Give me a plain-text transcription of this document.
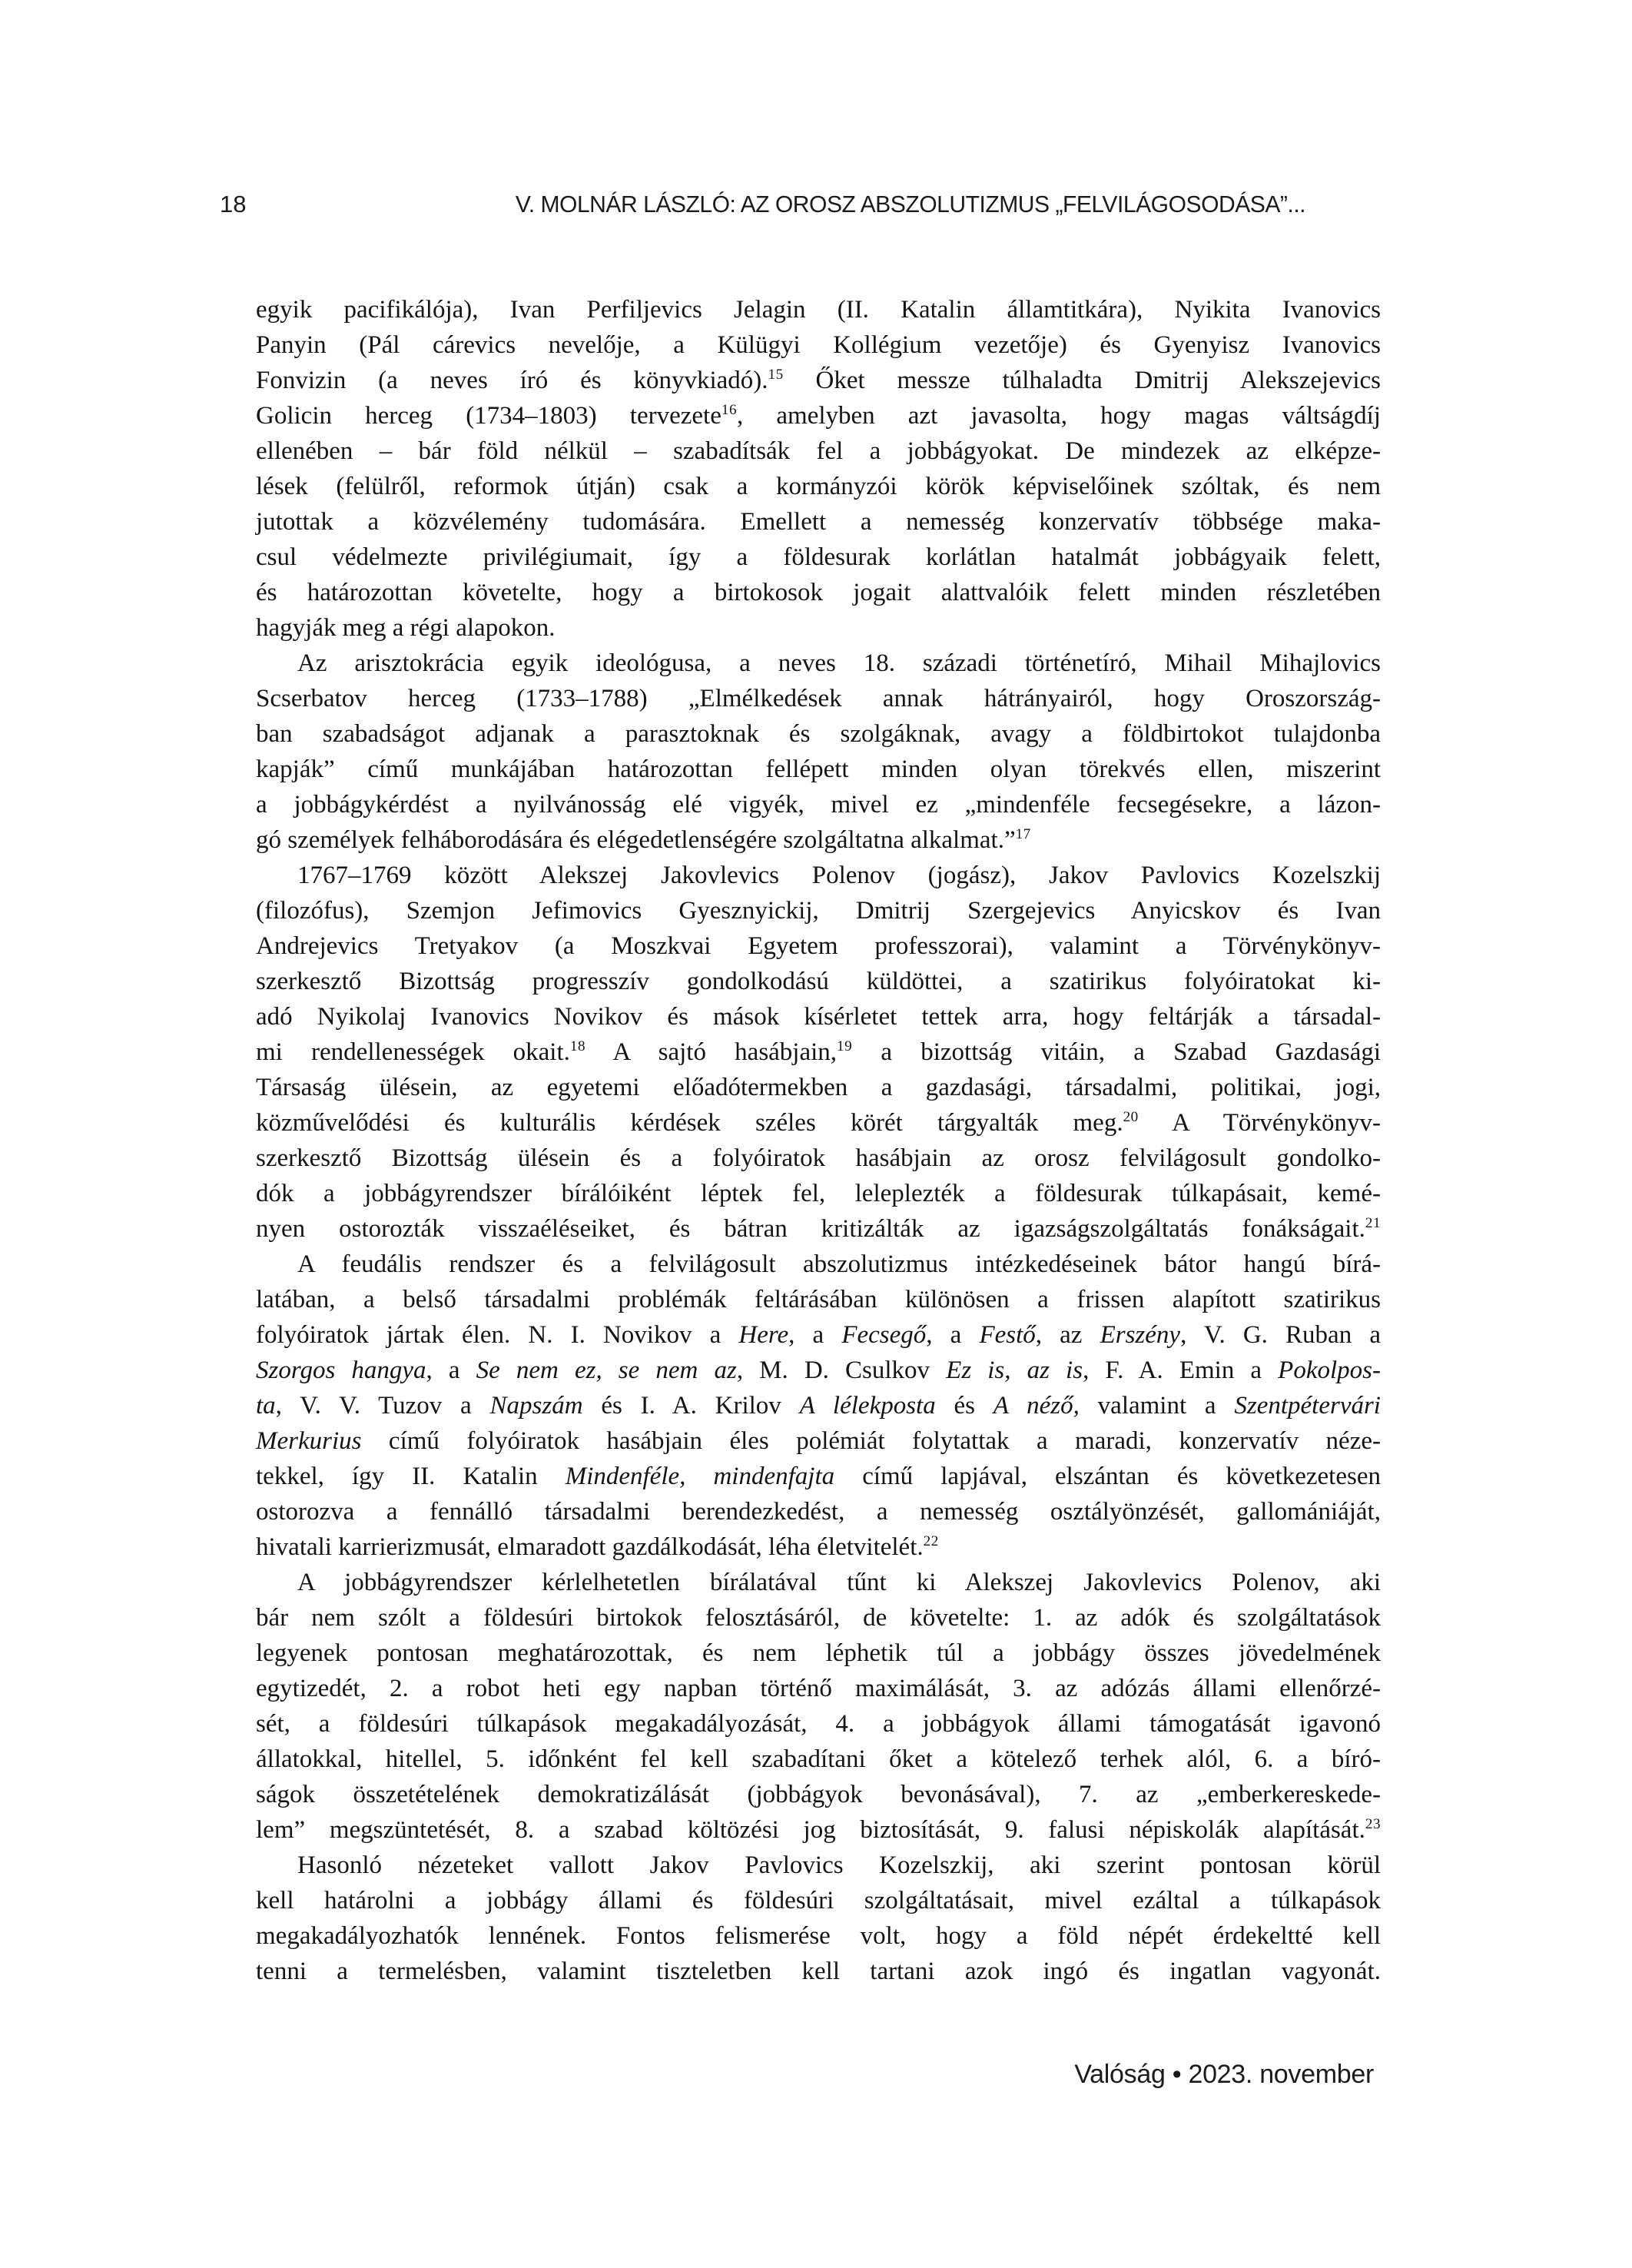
18	V. MOLNÁR LÁSZLÓ: AZ OROSZ ABSZOLUTIZMUS „FELVILÁGOSODÁSA”...
egyik pacifikálója), Ivan Perfiljevics Jelagin (II. Katalin államtitkára), Nyikita Ivanovics
Panyin (Pál cárevics nevelője, a Külügyi Kollégium vezetője) és Gyenyisz Ivanovics
Fonvizin (a neves író és könyvkiadó).$^{15}$ Őket messze túlhaladta Dmitrij Alekszejevics
Golicin herceg (1734–1803) tervezete$^{16}$, amelyben azt javasolta, hogy magas váltságdíj
ellenében – bár föld nélkül – szabadítsák fel a jobbágyokat. De mindezek az elképze-
lések (felülről, reformok útján) csak a kormányzói körök képviselőinek szóltak, és nem
jutottak a közvélemény tudomására. Emellett a nemesség konzervatív többsége maka-
csul védelmezte privilégiumait, így a földesurak korlátlan hatalmát jobbágyaik felett,
és határozottan követelte, hogy a birtokosok jogait alattvalóik felett minden részletében
hagyják meg a régi alapokon.
Az arisztokrácia egyik ideológusa, a neves 18. századi történetíró, Mihail Mihajlovics
Scserbatov herceg (1733–1788) „Elmélkedések annak hátrányairól, hogy Oroszország-
ban szabadságot adjanak a parasztoknak és szolgáknak, avagy a földbirtokot tulajdonba
kapják” című munkájában határozottan fellépett minden olyan törekvés ellen, miszerint
a jobbágykérdést a nyilvánosság elé vigyék, mivel ez „mindenféle fecsegésekre, a lázon-
gó személyek felháborodására és elégedetlenségére szolgáltatna alkalmat.”$^{17}$
1767–1769 között Alekszej Jakovlevics Polenov (jogász), Jakov Pavlovics Kozelszkij
(filozófus), Szemjon Jefimovics Gyesznyickij, Dmitrij Szergejevics Anyicskov és Ivan
Andrejevics Tretyakov (a Moszkvai Egyetem professzorai), valamint a Törvénykönyv-
szerkesztő Bizottság progresszív gondolkodású küldöttei, a szatirikus folyóiratokat ki-
adó Nyikolaj Ivanovics Novikov és mások kísérletet tettek arra, hogy feltárják a társadal-
mi rendellenességek okait.$^{18}$ A sajtó hasábjain,$^{19}$ a bizottság vitáin, a Szabad Gazdasági
Társaság ülésein, az egyetemi előadótermekben a gazdasági, társadalmi, politikai, jogi,
közművelődési és kulturális kérdések széles körét tárgyalták meg.$^{20}$ A Törvénykönyv-
szerkesztő Bizottság ülésein és a folyóiratok hasábjain az orosz felvilágosult gondolko-
dók a jobbágyrendszer bírálóiként léptek fel, leleplezték a földesurak túlkapásait, kemé-
nyen ostorozták visszaéléseiket, és bátran kritizálták az igazságszolgáltatás fonákságait.$^{21}$
A feudális rendszer és a felvilágosult abszolutizmus intézkedéseinek bátor hangú bírá-
latában, a belső társadalmi problémák feltárásában különösen a frissen alapított szatirikus
folyóiratok jártak élen. N. I. Novikov a Here, a Fecsegő, a Festő, az Erszény, V. G. Ruban a
Szorgos hangya, a Se nem ez, se nem az, M. D. Csulkov Ez is, az is, F. A. Emin a Pokolpos-
ta, V. V. Tuzov a Napszám és I. A. Krilov A lélekposta és A néző, valamint a Szentpétervári
Merkurius című folyóiratok hasábjain éles polémiát folytattak a maradi, konzervatív néze-
tekkel, így II. Katalin Mindenféle, mindenfajta című lapjával, elszántan és következetesen
ostorozva a fennálló társadalmi berendezkedést, a nemesség osztályönzését, gallomániáját,
hivatali karrierizmusát, elmaradott gazdálkodását, léha életvitelét.$^{22}$
A jobbágyrendszer kérlelhetetlen bírálatával tűnt ki Alekszej Jakovlevics Polenov, aki
bár nem szólt a földesúri birtokok felosztásáról, de követelte: 1. az adók és szolgáltatások
legyenek pontosan meghatározottak, és nem léphetik túl a jobbágy összes jövedelmének
egytizedét, 2. a robot heti egy napban történő maximálását, 3. az adózás állami ellenőrzé-
sét, a földesúri túlkapások megakadályozását, 4. a jobbágyok állami támogatását igavonó
állatokkal, hitellel, 5. időnként fel kell szabadítani őket a kötelező terhek alól, 6. a bíró-
ságok összetételének demokratizálását (jobbágyok bevonásával), 7. az „emberkereskede-
lem” megszüntetését, 8. a szabad költözési jog biztosítását, 9. falusi népiskolák alapítását.$^{23}$
Hasonló nézeteket vallott Jakov Pavlovics Kozelszkij, aki szerint pontosan körül
kell határolni a jobbágy állami és földesúri szolgáltatásait, mivel ezáltal a túlkapások
megakadályozhatók lennének. Fontos felismerése volt, hogy a föld népét érdekeltté kell
tenni a termelésben, valamint tiszteletben kell tartani azok ingó és ingatlan vagyonát.
Valóság • 2023. november
